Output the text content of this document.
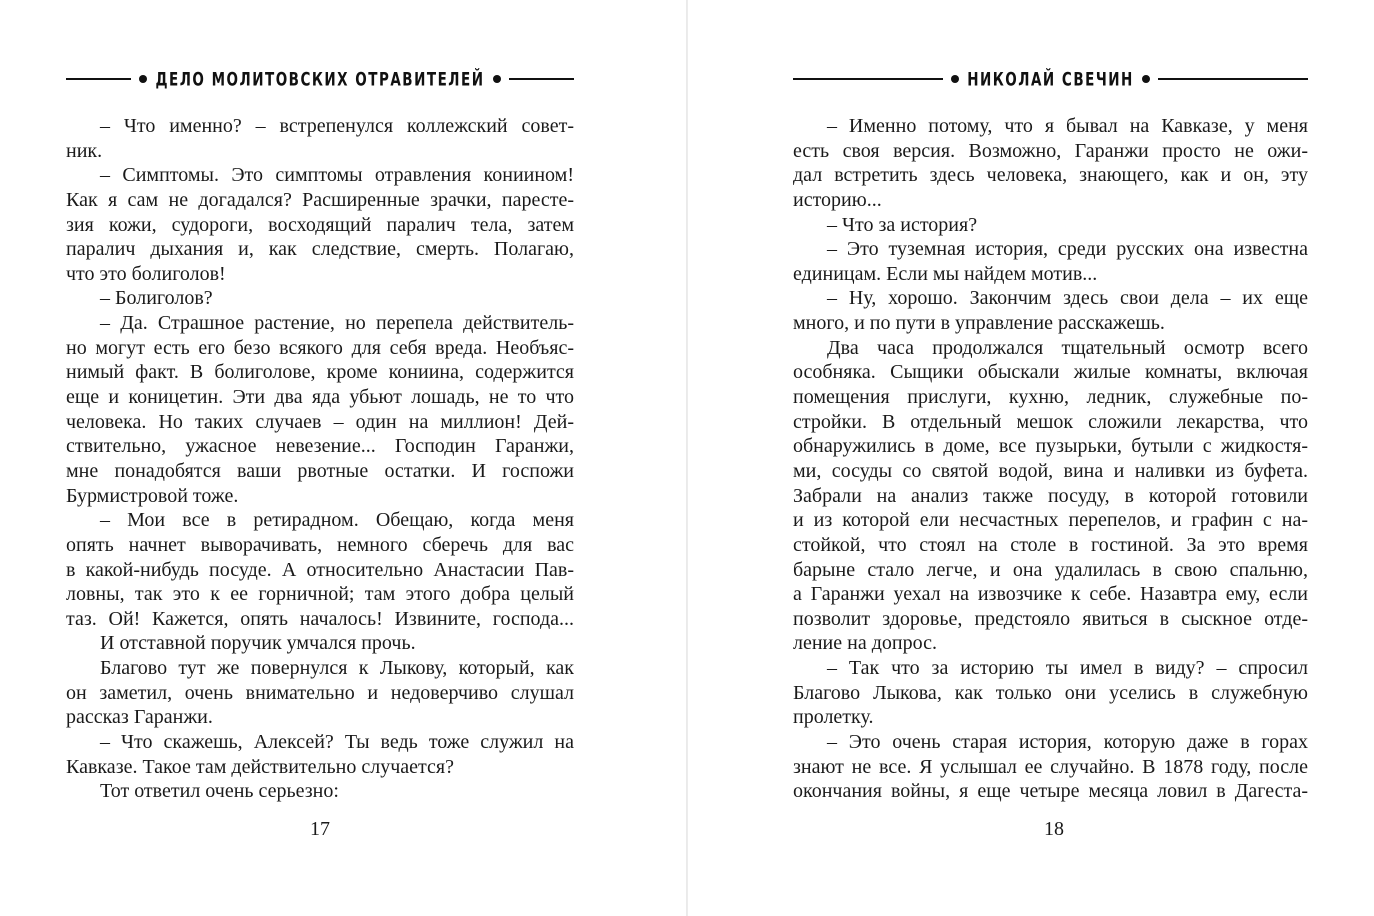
ДЕЛО МОЛИТОВСКИХ ОТРАВИТЕЛЕЙ
– Что именно? – встрепенулся коллежский совет-
ник.
– Симптомы. Это симптомы отравления кониином!
Как я сам не догадался? Расширенные зрачки, паресте-
зия кожи, судороги, восходящий паралич тела, затем
паралич дыхания и, как следствие, смерть. Полагаю,
что это болиголов!
– Болиголов?
– Да. Страшное растение, но перепела действитель-
но могут есть его безо всякого для себя вреда. Необъяс-
нимый факт. В болиголове, кроме кониина, содержится
еще и коницетин. Эти два яда убьют лошадь, не то что
человека. Но таких случаев – один на миллион! Дей-
ствительно, ужасное невезение... Господин Гаранжи,
мне понадобятся ваши рвотные остатки. И госпожи
Бурмистровой тоже.
– Мои все в ретирадном. Обещаю, когда меня
опять начнет выворачивать, немного сберечь для вас
в какой-нибудь посуде. А относительно Анастасии Пав-
ловны, так это к ее горничной; там этого добра целый
таз. Ой! Кажется, опять началось! Извините, господа...
И отставной поручик умчался прочь.
Благово тут же повернулся к Лыкову, который, как
он заметил, очень внимательно и недоверчиво слушал
рассказ Гаранжи.
– Что скажешь, Алексей? Ты ведь тоже служил на
Кавказе. Такое там действительно случается?
Тот ответил очень серьезно:
17
НИКОЛАЙ СВЕЧИН
– Именно потому, что я бывал на Кавказе, у меня
есть своя версия. Возможно, Гаранжи просто не ожи-
дал встретить здесь человека, знающего, как и он, эту
историю...
– Что за история?
– Это туземная история, среди русских она известна
единицам. Если мы найдем мотив...
– Ну, хорошо. Закончим здесь свои дела – их еще
много, и по пути в управление расскажешь.
Два часа продолжался тщательный осмотр всего
особняка. Сыщики обыскали жилые комнаты, включая
помещения прислуги, кухню, ледник, служебные по-
стройки. В отдельный мешок сложили лекарства, что
обнаружились в доме, все пузырьки, бутыли с жидкостя-
ми, сосуды со святой водой, вина и наливки из буфета.
Забрали на анализ также посуду, в которой готовили
и из которой ели несчастных перепелов, и графин с на-
стойкой, что стоял на столе в гостиной. За это время
барыне стало легче, и она удалилась в свою спальню,
а Гаранжи уехал на извозчике к себе. Назавтра ему, если
позволит здоровье, предстояло явиться в сыскное отде-
ление на допрос.
– Так что за историю ты имел в виду? – спросил
Благово Лыкова, как только они уселись в служебную
пролетку.
– Это очень старая история, которую даже в горах
знают не все. Я услышал ее случайно. В 1878 году, после
окончания войны, я еще четыре месяца ловил в Дагеста-
18
